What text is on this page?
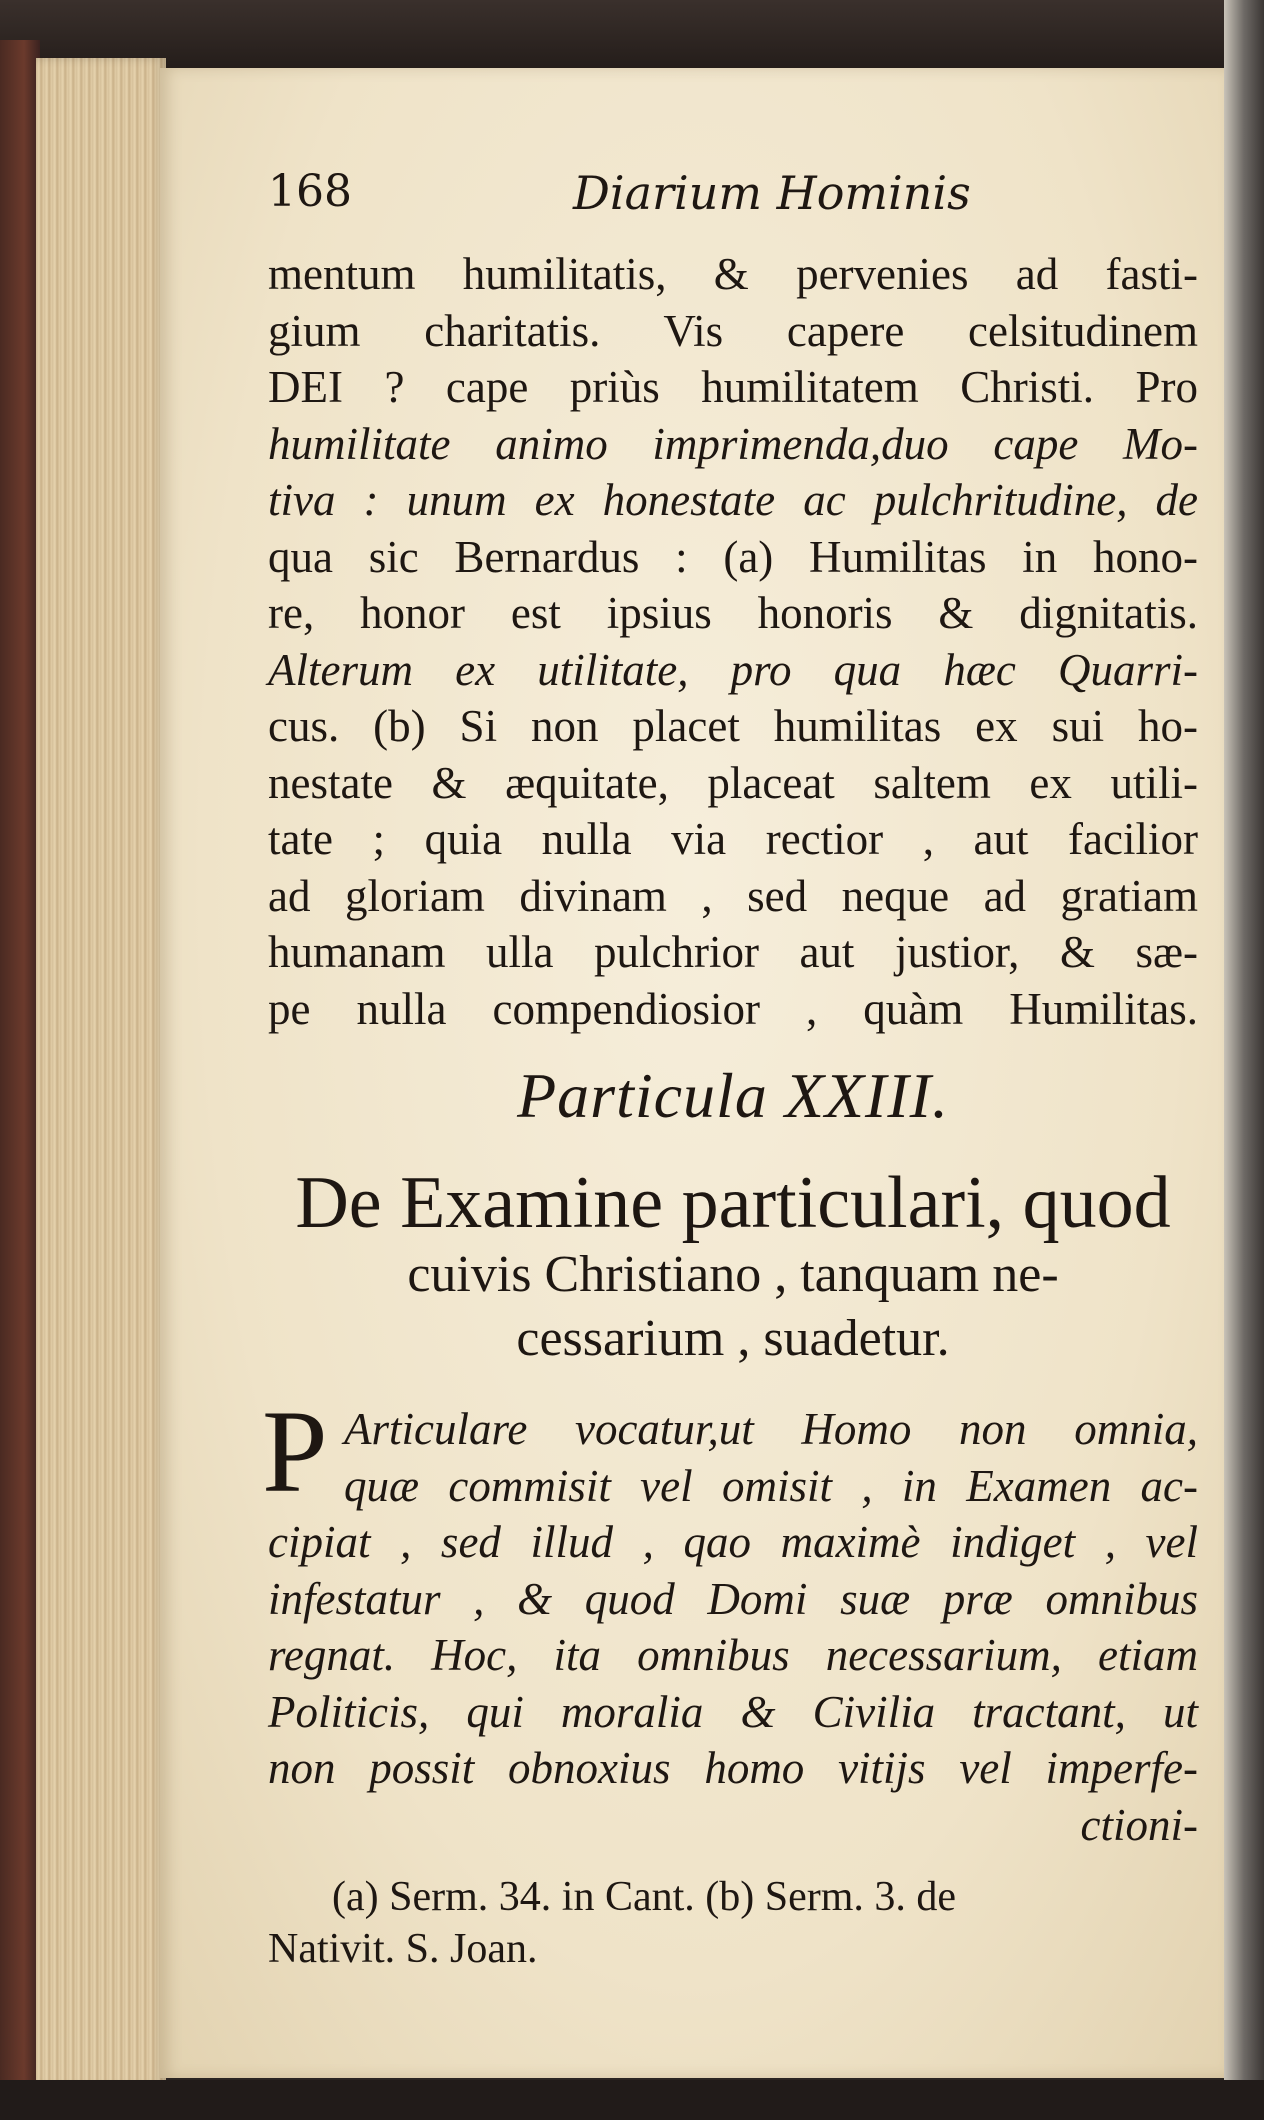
168	Diarium Hominis
mentum humilitatis, & pervenies ad fasti-
gium charitatis. Vis capere celsitudinem
DEI ? cape priùs humilitatem Christi. Pro
humilitate animo imprimenda,duo cape Mo-
tiva : unum ex honestate ac pulchritudine, de
qua sic Bernardus : (a) Humilitas in hono-
re, honor est ipsius honoris & dignitatis.
Alterum ex utilitate, pro qua hæc Quarri-
cus. (b) Si non placet humilitas ex sui ho-
nestate & æquitate, placeat saltem ex utili-
tate ; quia nulla via rectior , aut facilior
ad gloriam divinam , sed neque ad gratiam
humanam ulla pulchrior aut justior, & sæ-
pe nulla compendiosior , quàm Humilitas.
Particula XXIII.
De Examine particulari, quod
cuivis Christiano , tanquam ne-
cessarium , suadetur.
P Articulare vocatur,ut Homo non omnia,
quæ commisit vel omisit , in Examen ac-
cipiat , sed illud , qao maximè indiget , vel
infestatur , & quod Domi suæ præ omnibus
regnat. Hoc, ita omnibus necessarium, etiam
Politicis, qui moralia & Civilia tractant, ut
non possit obnoxius homo vitijs vel imperfe-
ctioni-
(a) Serm. 34. in Cant. (b) Serm. 3. de
Nativit. S. Joan.
